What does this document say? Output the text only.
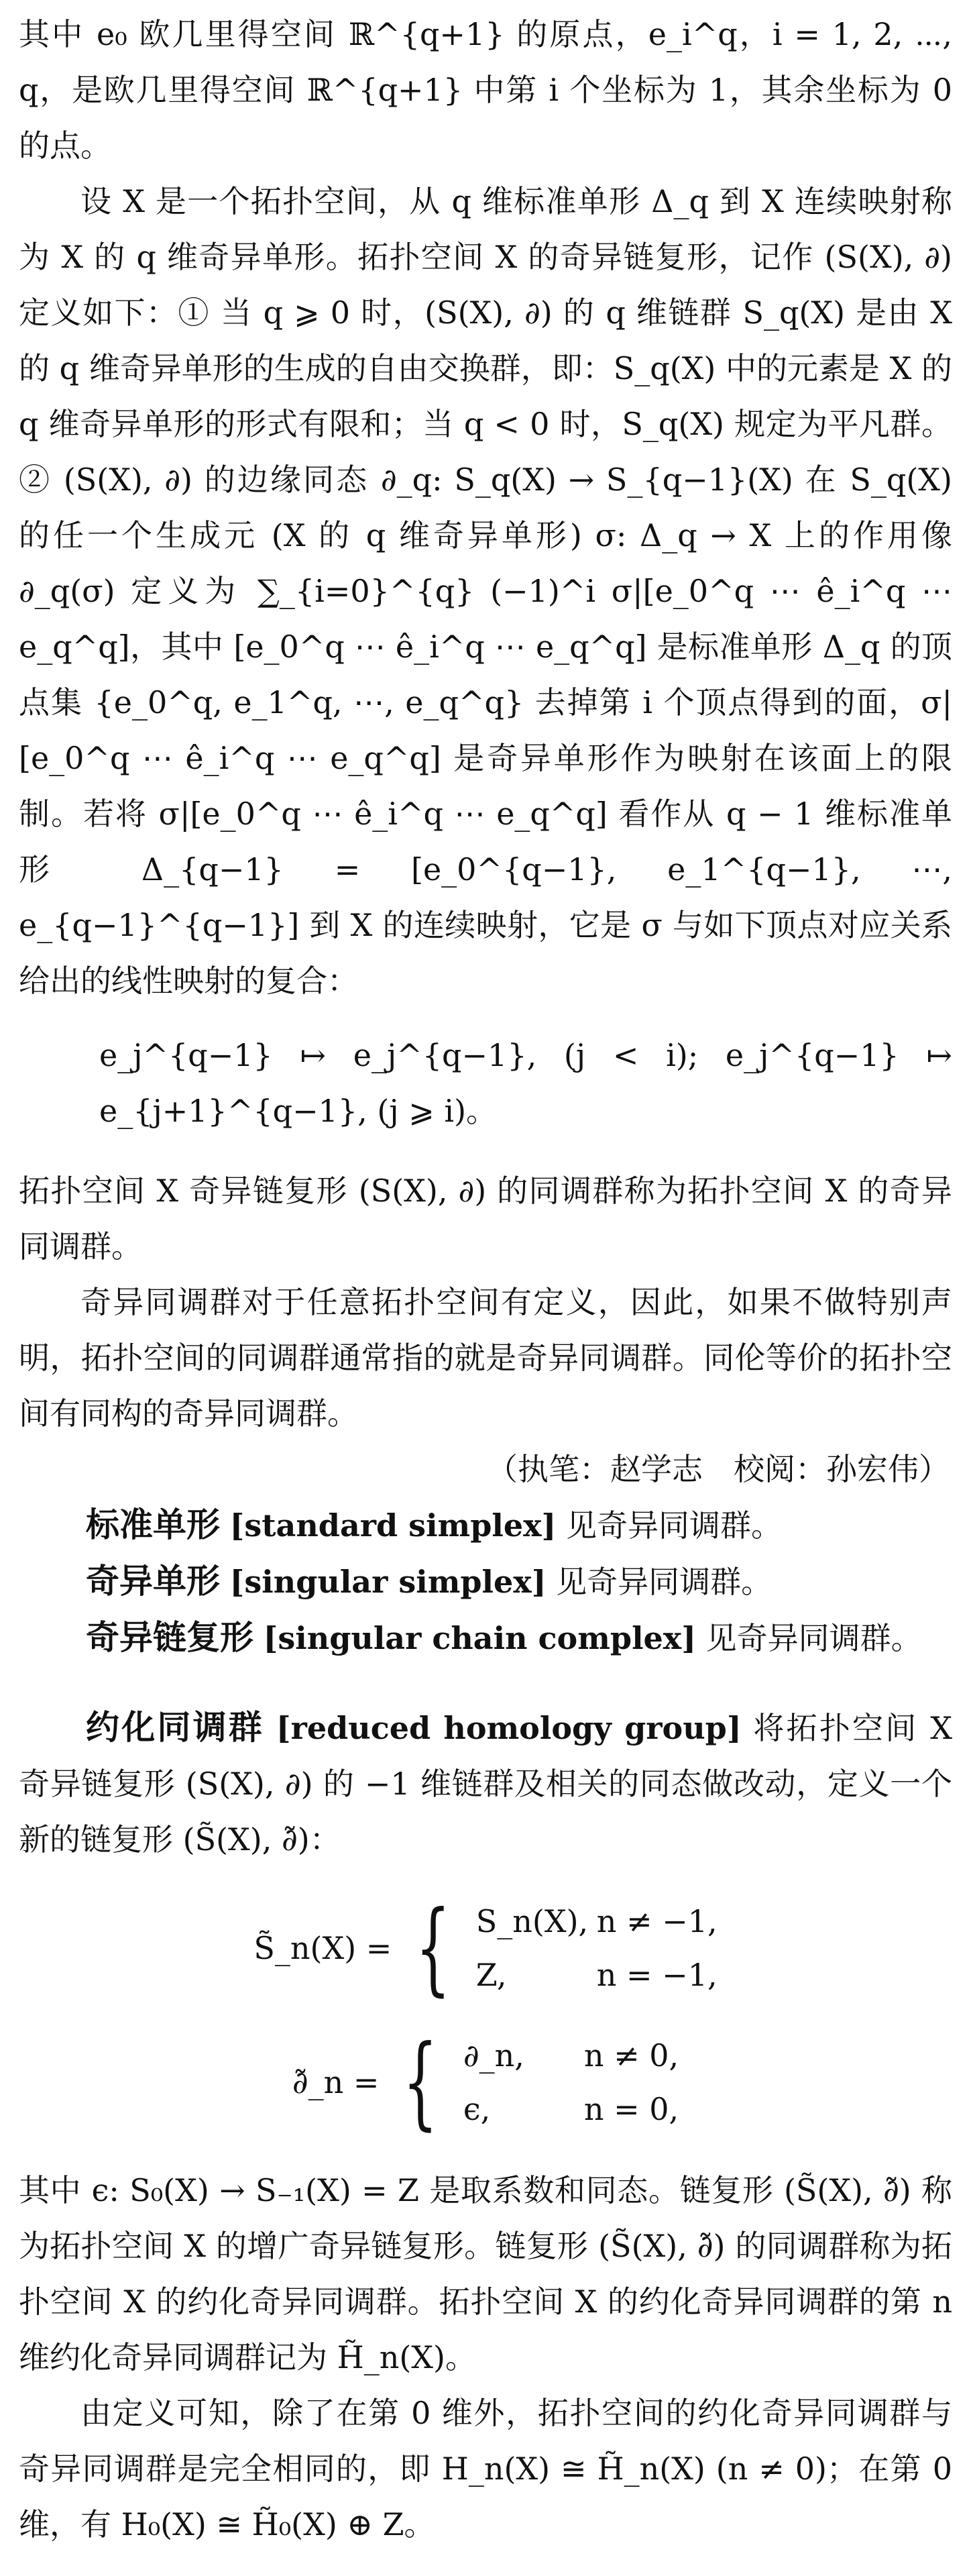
其中 e₀ 欧几里得空间 ℝ^{q+1} 的原点，e_i^q，i = 1, 2, ⋯, q，是欧几里得空间 ℝ^{q+1} 中第 i 个坐标为 1，其余坐标为 0 的点。

设 X 是一个拓扑空间，从 q 维标准单形 Δ_q 到 X 连续映射称为 X 的 q 维奇异单形。拓扑空间 X 的奇异链复形，记作 (S(X), ∂) 定义如下：① 当 q ⩾ 0 时，(S(X), ∂) 的 q 维链群 S_q(X) 是由 X 的 q 维奇异单形的生成的自由交换群，即：S_q(X) 中的元素是 X 的 q 维奇异单形的形式有限和；当 q < 0 时，S_q(X) 规定为平凡群。② (S(X), ∂) 的边缘同态 ∂_q: S_q(X) → S_{q−1}(X) 在 S_q(X) 的任一个生成元 (X 的 q 维奇异单形) σ: Δ_q → X 上的作用像 ∂_q(σ) 定义为 ∑_{i=0}^{q} (−1)^i σ|[e_0^q ⋯ ê_i^q ⋯ e_q^q]，其中 [e_0^q ⋯ ê_i^q ⋯ e_q^q] 是标准单形 Δ_q 的顶点集 {e_0^q, e_1^q, ⋯, e_q^q} 去掉第 i 个顶点得到的面，σ|[e_0^q ⋯ ê_i^q ⋯ e_q^q] 是奇异单形作为映射在该面上的限制。若将 σ|[e_0^q ⋯ ê_i^q ⋯ e_q^q] 看作从 q − 1 维标准单形 Δ_{q−1} = [e_0^{q−1}, e_1^{q−1}, ⋯, e_{q−1}^{q−1}] 到 X 的连续映射，它是 σ 与如下顶点对应关系给出的线性映射的复合：

e_j^{q−1} ↦ e_j^{q−1}, (j < i); e_j^{q−1} ↦ e_{j+1}^{q−1}, (j ⩾ i)。

拓扑空间 X 奇异链复形 (S(X), ∂) 的同调群称为拓扑空间 X 的奇异同调群。

奇异同调群对于任意拓扑空间有定义，因此，如果不做特别声明，拓扑空间的同调群通常指的就是奇异同调群。同伦等价的拓扑空间有同构的奇异同调群。

（执笔：赵学志　校阅：孙宏伟）

标准单形 [standard simplex] 见奇异同调群。

奇异单形 [singular simplex] 见奇异同调群。

奇异链复形 [singular chain complex] 见奇异同调群。

约化同调群 [reduced homology group] 将拓扑空间 X 奇异链复形 (S(X), ∂) 的 −1 维链群及相关的同态做改动，定义一个新的链复形 (S̃(X), ∂̃)：

S̃_n(X) = { S_n(X), n ≠ −1,
Z,	n = −1,
∂̃_n = { ∂_n, n ≠ 0,
ϵ,	n = 0,

其中 ϵ: S₀(X) → S₋₁(X) = Z 是取系数和同态。链复形 (S̃(X), ∂̃) 称为拓扑空间 X 的增广奇异链复形。链复形 (S̃(X), ∂̃) 的同调群称为拓扑空间 X 的约化奇异同调群。拓扑空间 X 的约化奇异同调群的第 n 维约化奇异同调群记为 H̃_n(X)。

由定义可知，除了在第 0 维外，拓扑空间的约化奇异同调群与奇异同调群是完全相同的，即 H_n(X) ≅ H̃_n(X) (n ≠ 0)；在第 0 维，有 H₀(X) ≅ H̃₀(X) ⊕ Z。
